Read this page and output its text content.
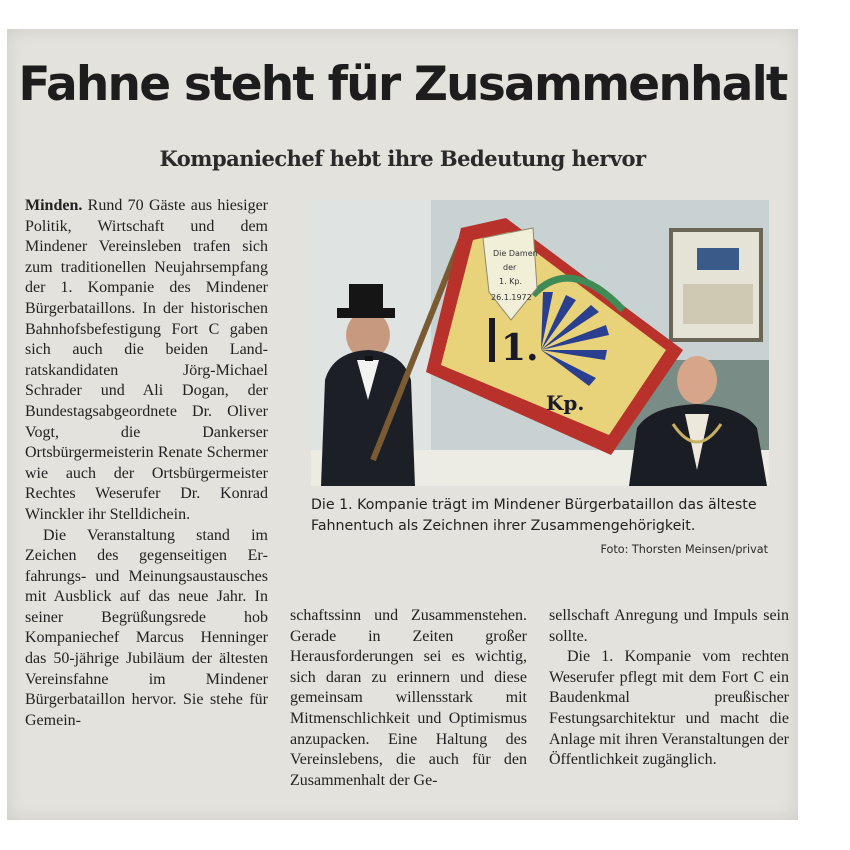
Fahne steht für Zusammenhalt
Kompaniechef hebt ihre Bedeutung hervor

Minden. Rund 70 Gäste aus hiesiger Politik, Wirtschaft und dem Mindener Vereinsleben trafen sich zum traditionellen Neujahrsempfang der 1. Kompanie des Mindener Bürgerbataillons. In der historischen Bahnhofsbefestigung Fort C gaben sich auch die beiden Landratskandidaten Jörg-Michael Schrader und Ali Dogan, der Bundestagsabgeordnete Dr. Oliver Vogt, die Dankerser Ortsbürgermeisterin Renate Schermer wie auch der Ortsbürgermeister Rechtes Weserufer Dr. Konrad Winckler ihr Stelldichein.

Die Veranstaltung stand im Zeichen des gegenseitigen Erfahrungs- und Meinungsaustausches mit Ausblick auf das neue Jahr. In seiner Begrüßungsrede hob Kompaniechef Marcus Henninger das 50-jährige Jubiläum der ältesten Vereinsfahne im Mindener Bürgerbataillon hervor. Sie stehe für Gemein-

1.
Kp.
Die Damen
der
1. Kp.
26.1.1972

Die 1. Kompanie trägt im Mindener Bürgerbataillon das älteste Fahnentuch als Zeichnen ihrer Zusammengehörigkeit.

Foto: Thorsten Meinsen/privat

schaftssinn und Zusammenstehen. Gerade in Zeiten großer Herausforderungen sei es wichtig, sich daran zu erinnern und diese gemeinsam willensstark mit Mitmenschlichkeit und Optimismus anzupacken. Eine Haltung des Vereinslebens, die auch für den Zusammenhalt der Ge-

sellschaft Anregung und Impuls sein sollte.

Die 1. Kompanie vom rechten Weserufer pflegt mit dem Fort C ein Baudenkmal preußischer Festungsarchitektur und macht die Anlage mit ihren Veranstaltungen der Öffentlichkeit zugänglich.
